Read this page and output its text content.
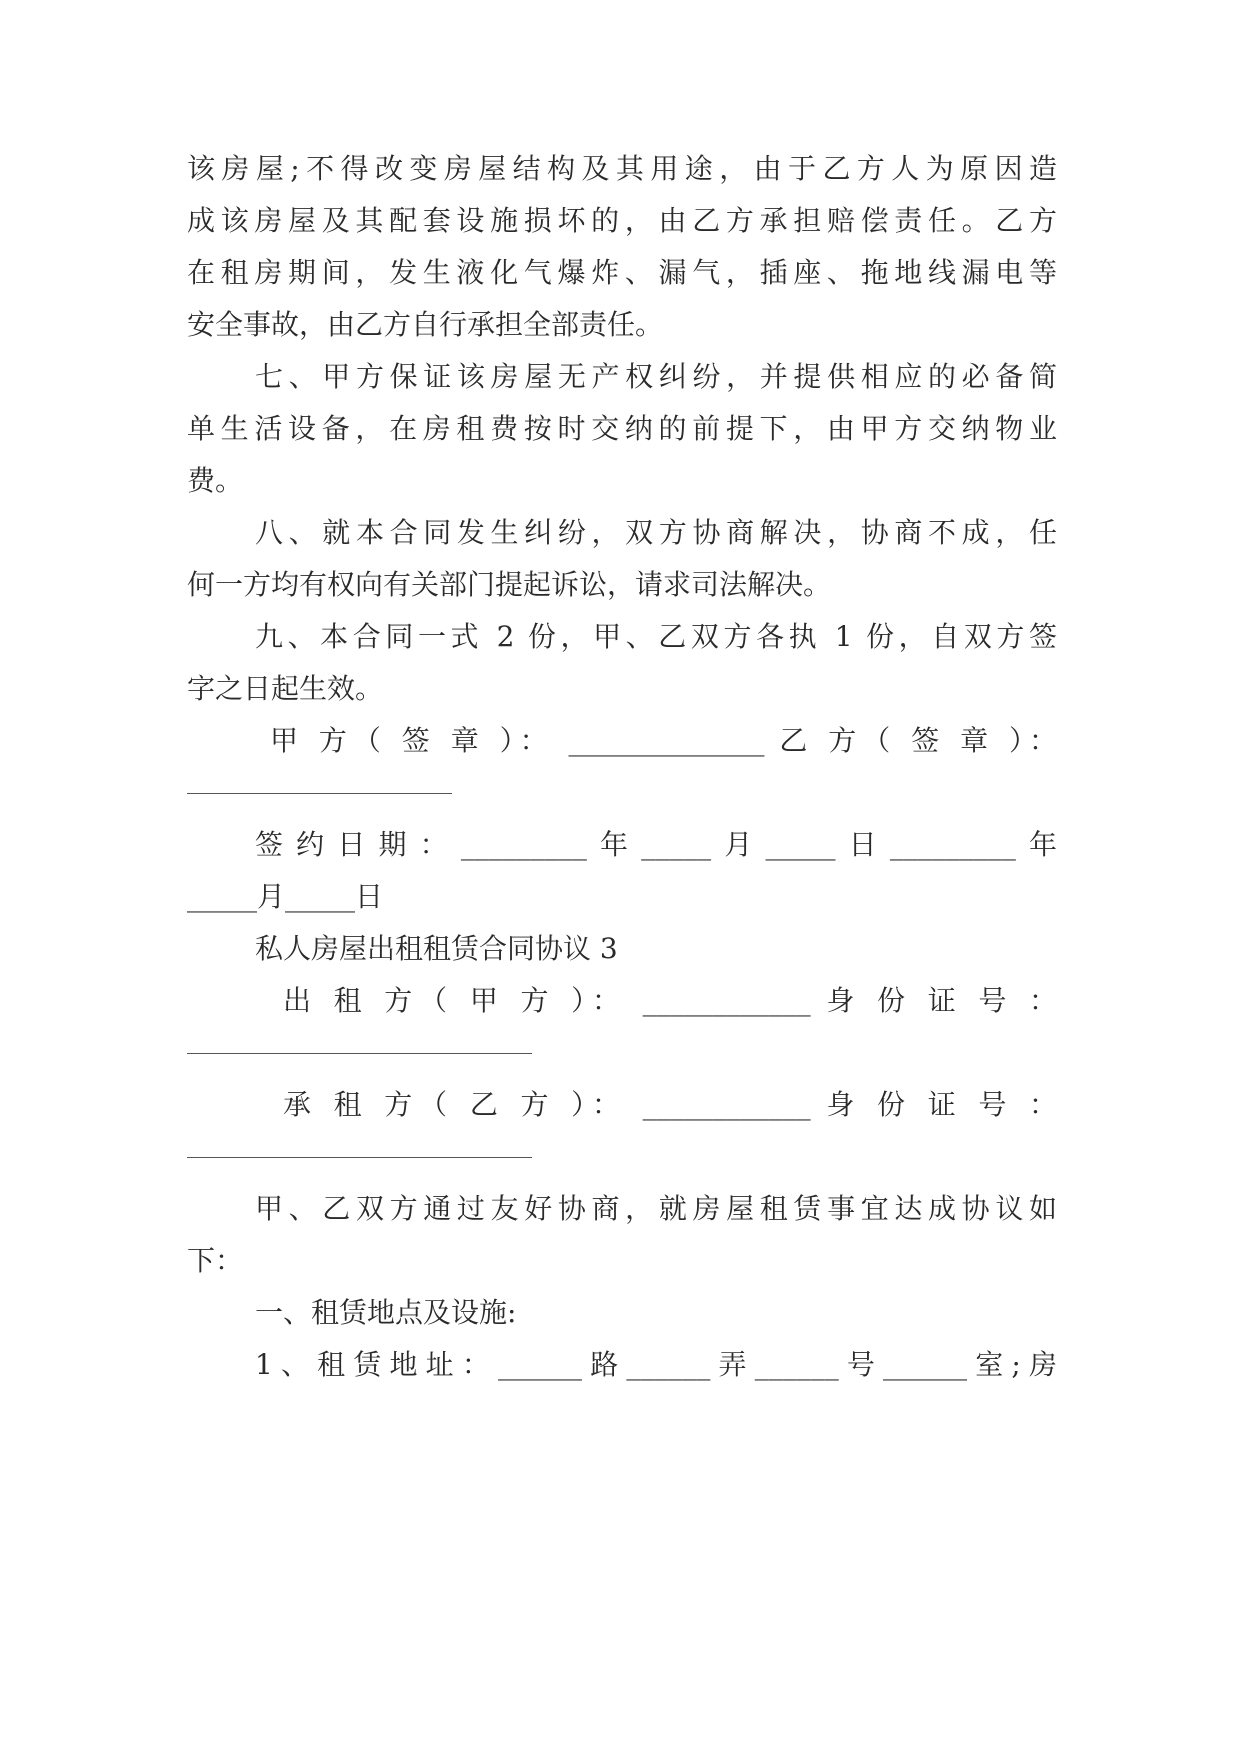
该房屋;不得改变房屋结构及其用途，由于乙方人为原因造
成该房屋及其配套设施损坏的，由乙方承担赔偿责任。乙方
在租房期间，发生液化气爆炸、漏气，插座、拖地线漏电等
安全事故，由乙方自行承担全部责任。
七、甲方保证该房屋无产权纠纷，并提供相应的必备简
单生活设备，在房租费按时交纳的前提下，由甲方交纳物业
费。
八、就本合同发生纠纷，双方协商解决，协商不成，任
何一方均有权向有关部门提起诉讼，请求司法解决。
九、本合同一式 2 份，甲、乙双方各执 1 份，自双方签
字之日起生效。
甲 方（ 签 章 ）： ______________ 乙 方（ 签 章 ）：
签约日期：_________年_____月_____日_________年
_____月_____日
私人房屋出租租赁合同协议 3
出 租 方（ 甲 方 ）： ____________ 身 份 证 号 ：
承 租 方（ 乙 方 ）： ____________ 身 份 证 号 ：
甲、乙双方通过友好协商，就房屋租赁事宜达成协议如
下：
一、租赁地点及设施:
1、租赁地址：______路______弄______号______室;房
